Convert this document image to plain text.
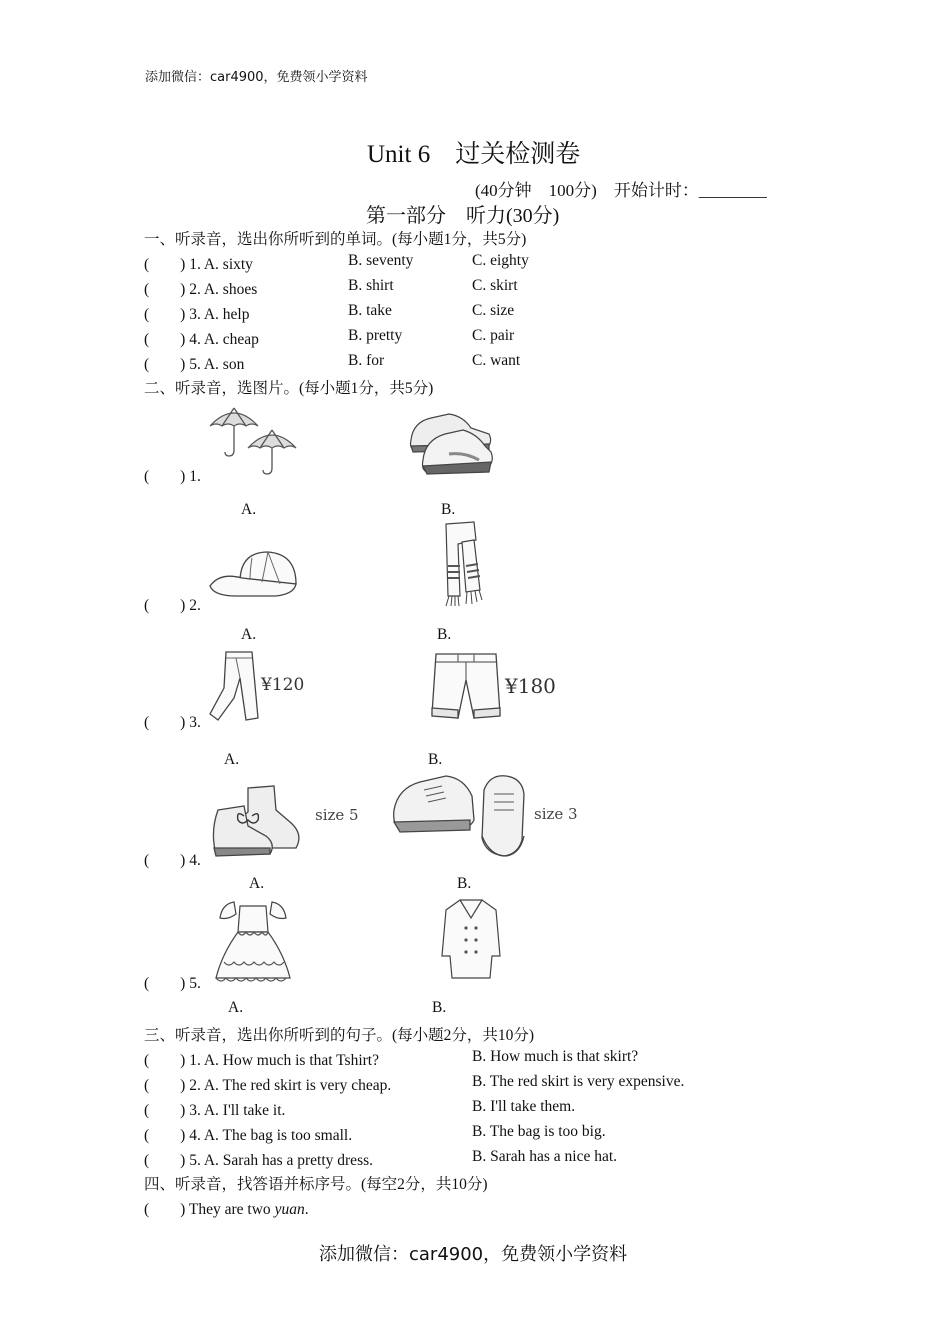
添加微信：car4900，免费领小学资料
Unit 6　过关检测卷
(40分钟　100分)　开始计时：________
第一部分　听力(30分)
一、听录音，选出你所听到的单词。(每小题1分，共5分)
(　　) 1. A. sixty	B. seventy	C. eighty
(　　) 2. A. shoes	B. shirt	C. skirt
(　　) 3. A. help	B. take	C. size
(　　) 4. A. cheap	B. pretty	C. pair
(　　) 5. A. son	B. for	C. want
二、听录音，选图片。(每小题1分，共5分)
(　　) 1.
A.	B.
(　　) 2.
A.	B.
(　　) 3.
¥120	¥180
A.	B.
(　　) 4.
size 5	size 3
A.	B.
(　　) 5.
A.	B.
三、听录音，选出你所听到的句子。(每小题2分，共10分)
(　　) 1. A. How much is that Tshirt?	B. How much is that skirt?
(　　) 2. A. The red skirt is very cheap.	B. The red skirt is very expensive.
(　　) 3. A. I'll take it.	B. I'll take them.
(　　) 4. A. The bag is too small.	B. The bag is too big.
(　　) 5. A. Sarah has a pretty dress.	B. Sarah has a nice hat.
四、听录音，找答语并标序号。(每空2分，共10分)
(　　) They are two yuan.
添加微信：car4900，免费领小学资料
